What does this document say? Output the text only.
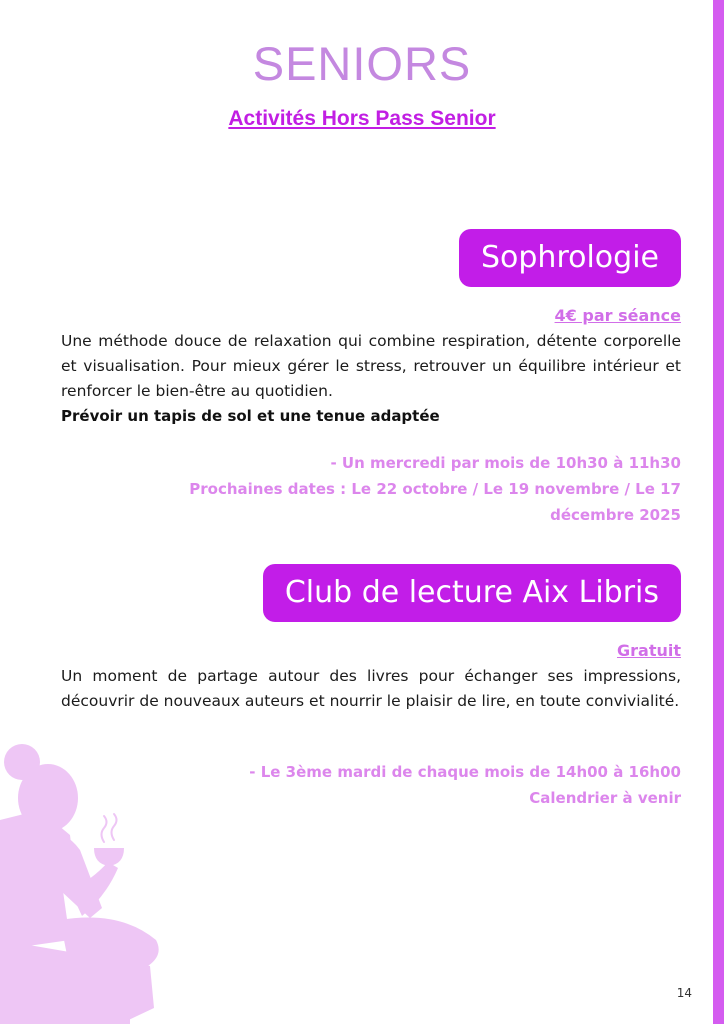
SENIORS
Activités Hors Pass Senior
Sophrologie
4€ par séance
Une méthode douce de relaxation qui combine respiration, détente corporelle et visualisation. Pour mieux gérer le stress, retrouver un équilibre intérieur et renforcer le bien-être au quotidien.
Prévoir un tapis de sol et une tenue adaptée
- Un mercredi par mois de 10h30 à 11h30
Prochaines dates : Le 22 octobre / Le 19 novembre / Le 17 décembre 2025
Club de lecture Aix Libris
Gratuit
Un moment de partage autour des livres pour échanger ses impressions, découvrir de nouveaux auteurs et nourrir le plaisir de lire, en toute convivialité.
- Le 3ème mardi de chaque mois de 14h00 à 16h00
Calendrier à venir
14
